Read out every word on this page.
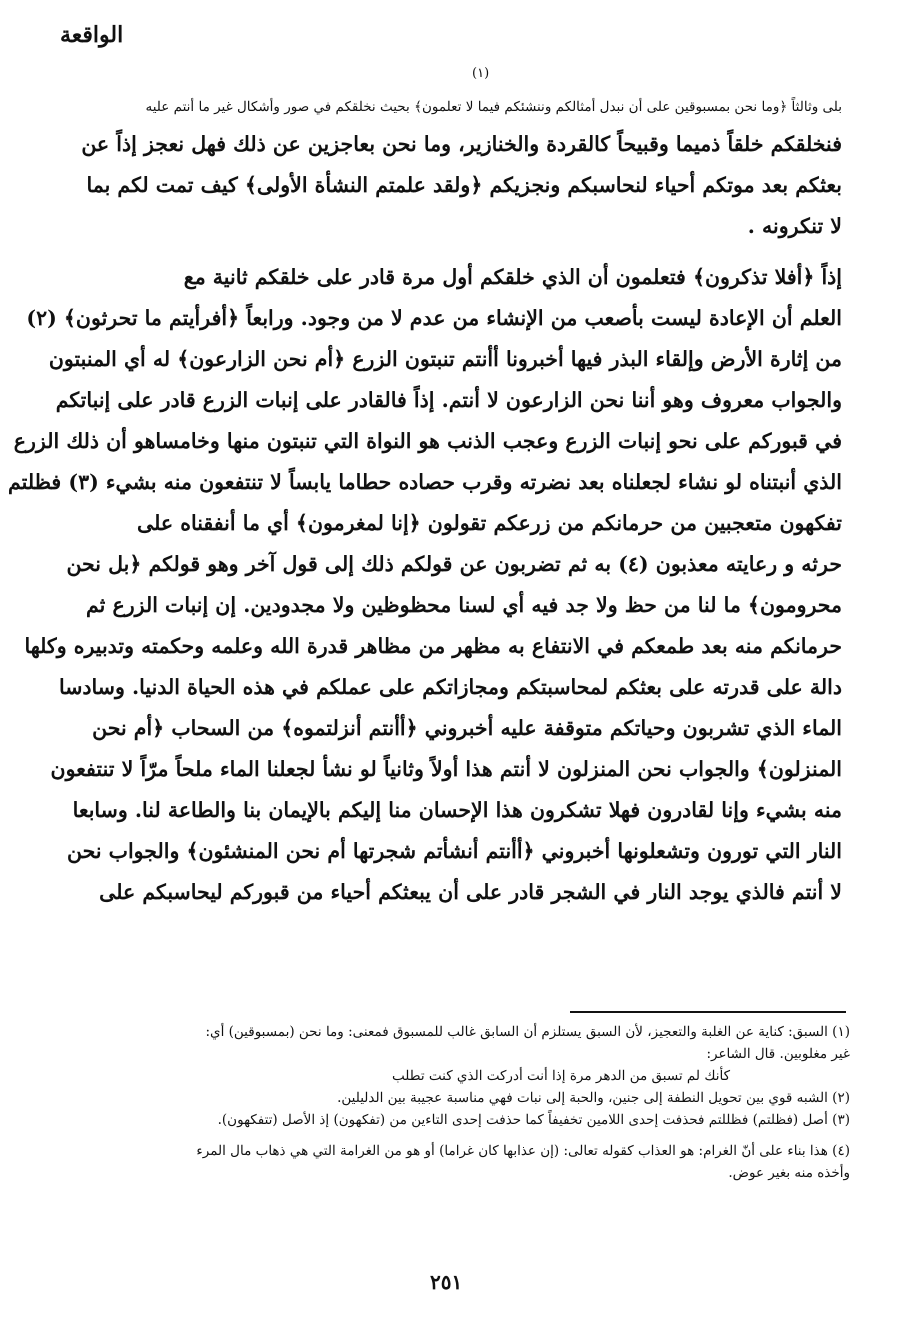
الواقعة
(١)
بلى وثالثاً ﴿وما نحن بمسبوقين على أن نبدل أمثالكم وننشئكم فيما لا تعلمون﴾ بحيث نخلقكم في صور وأشكال غير ما أنتم عليه
فنخلقكم خلقاً ذميما وقبيحاً كالقردة والخنازير، وما نحن بعاجزين عن ذلك فهل نعجز إذاً عن
بعثكم بعد موتكم أحياء لنحاسبكم ونجزيكم ﴿ولقد علمتم النشأة الأولى﴾ كيف تمت لكم بما
لا تنكرونه .
إذاً ﴿أفلا تذكرون﴾ فتعلمون أن الذي خلقكم أول مرة قادر على خلقكم ثانية مع
العلم أن الإعادة ليست بأصعب من الإنشاء من عدم لا من وجود. ورابعاً ﴿أفرأيتم ما تحرثون﴾ (٢)
من إثارة الأرض وإلقاء البذر فيها أخبرونا أأنتم تنبتون الزرع ﴿أم نحن الزارعون﴾ له أي المنبتون
والجواب معروف وهو أننا نحن الزارعون لا أنتم. إذاً فالقادر على إنبات الزرع قادر على إنباتكم
في قبوركم على نحو إنبات الزرع وعجب الذنب هو النواة التي تنبتون منها وخامساهو أن ذلك الزرع
الذي أنبتناه لو نشاء لجعلناه بعد نضرته وقرب حصاده حطاما يابساً لا تنتفعون منه بشيء (٣) فظلتم
تفكهون متعجبين من حرمانكم من زرعكم تقولون ﴿إنا لمغرمون﴾ أي ما أنفقناه على
حرثه و رعايته معذبون (٤) به ثم تضربون عن قولكم ذلك إلى قول آخر وهو قولكم ﴿بل نحن
محرومون﴾ ما لنا من حظ ولا جد فيه أي لسنا محظوظين ولا مجدودين. إن إنبات الزرع ثم
حرمانكم منه بعد طمعكم في الانتفاع به مظهر من مظاهر قدرة الله وعلمه وحكمته وتدبيره وكلها
دالة على قدرته على بعثكم لمحاسبتكم ومجازاتكم على عملكم في هذه الحياة الدنيا. وسادسا
الماء الذي تشربون وحياتكم متوقفة عليه أخبروني ﴿أأنتم أنزلتموه﴾ من السحاب ﴿أم نحن
المنزلون﴾ والجواب نحن المنزلون لا أنتم هذا أولاً وثانياً لو نشأ لجعلنا الماء ملحاً مرّاً لا تنتفعون
منه بشيء وإنا لقادرون فهلا تشكرون هذا الإحسان منا إليكم بالإيمان بنا والطاعة لنا. وسابعا
النار التي تورون وتشعلونها أخبروني ﴿أأنتم أنشأتم شجرتها أم نحن المنشئون﴾ والجواب نحن
لا أنتم فالذي يوجد النار في الشجر قادر على أن يبعثكم أحياء من قبوركم ليحاسبكم على
(١) السبق: كناية عن الغلبة والتعجيز، لأن السبق يستلزم أن السابق غالب للمسبوق فمعنى: وما نحن (بمسبوقين) أي:
غير مغلوبين. قال الشاعر:
كأنك لم تسبق من الدهر مرة إذا أنت أدركت الذي كنت تطلب
(٢) الشبه قوي بين تحويل النطفة إلى جنين، والحبة إلى نبات فهي مناسبة عجيبة بين الدليلين.
(٣) أصل (فظلتم) فظللتم فحذفت إحدى اللامين تخفيفاً كما حذفت إحدى التاءين من (تفكهون) إذ الأصل (تتفكهون).
(٤) هذا بناء على أنّ الغرام: هو العذاب كقوله تعالى: (إن عذابها كان غراما) أو هو من الغرامة التي هي ذهاب مال المرء
وأخذه منه بغير عوض.
٢٥١
